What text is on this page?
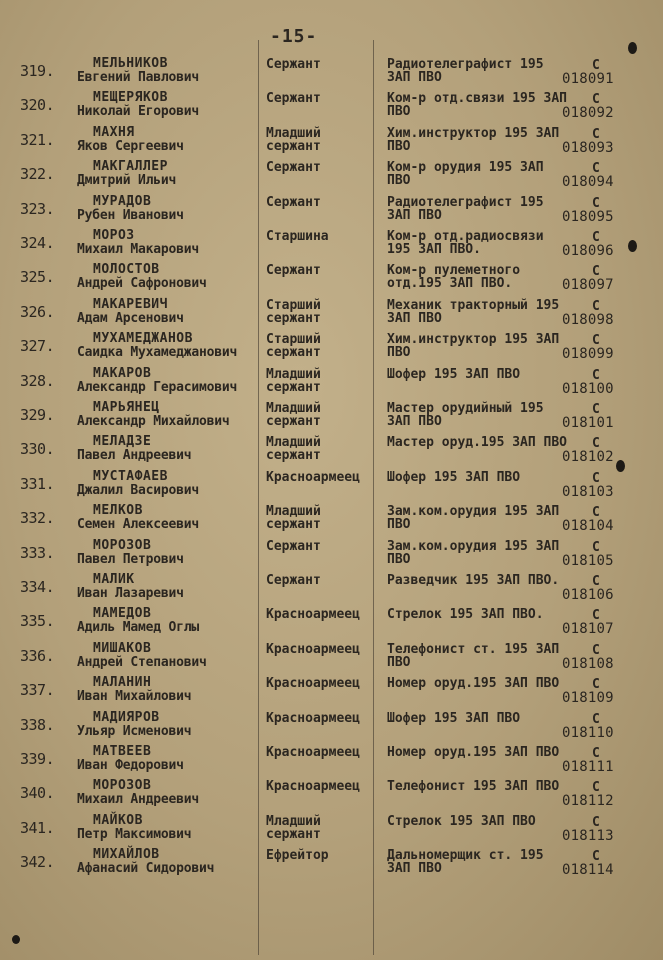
-15-
319.	МЕЛЬНИКОВ
Евгений Павлович
Сержант	Радиотелеграфист 195 ЗАП ПВО
С
018091
320.	МЕЩЕРЯКОВ
Николай Егорович
Сержант	Ком-р отд.связи 195 ЗАП ПВО
С
018092
321.	МАХНЯ
Яков Сергеевич
Младший сержант
Хим.инструктор 195 ЗАП ПВО
С
018093
322.	МАКГАЛЛЕР
Дмитрий Ильич
Сержант	Ком-р орудия 195 ЗАП ПВО
С
018094
323.	МУРАДОВ
Рубен Иванович
Сержант	Радиотелеграфист 195 ЗАП ПВО
С
018095
324.	МОРОЗ
Михаил Макарович
Старшина	Ком-р отд.радиосвязи 195 ЗАП ПВО.
С
018096
325.	МОЛОСТОВ
Андрей Сафронович
Сержант	Ком-р пулеметного отд.195 ЗАП ПВО.
С
018097
326.	МАКАРЕВИЧ
Адам Арсенович
Старший сержант
Механик тракторный 195 ЗАП ПВО
С
018098
327.	МУХАМЕДЖАНОВ
Саидка Мухамеджанович
Старший сержант
Хим.инструктор 195 ЗАП ПВО
С
018099
328.	МАКАРОВ
Александр Герасимович
Младший сержант
Шофер 195 ЗАП ПВО	С
018100
329.	МАРЬЯНЕЦ
Александр Михайлович
Младший сержант
Мастер орудийный 195 ЗАП ПВО
С
018101
330.	МЕЛАДЗЕ
Павел Андреевич
Младший сержант
Мастер оруд.195 ЗАП ПВО С
018102
331.	МУСТАФАЕВ
Джалил Васирович
Красноармеец	Шофер 195 ЗАП ПВО	С
018103
332.	МЕЛКОВ
Семен Алексеевич
Младший сержант
Зам.ком.орудия 195 ЗАП ПВО
С
018104
333.	МОРОЗОВ
Павел Петрович
Сержант	Зам.ком.орудия 195 ЗАП ПВО
С
018105
334.	МАЛИК
Иван Лазаревич
Сержант	Разведчик 195 ЗАП ПВО.	С
018106
335.	МАМЕДОВ
Адиль Мамед Оглы
Красноармеец	Стрелок 195 ЗАП ПВО.	С
018107
336.	МИШАКОВ
Андрей Степанович
Красноармеец	Телефонист ст. 195 ЗАП ПВО
С
018108
337.	МАЛАНИН
Иван Михайлович
Красноармеец	Номер оруд.195 ЗАП ПВО	С
018109
338.	МАДИЯРОВ
Ульяр Исменович
Красноармеец	Шофер 195 ЗАП ПВО	С
018110
339.	МАТВЕЕВ
Иван Федорович
Красноармеец	Номер оруд.195 ЗАП ПВО	С
018111
340.	МОРОЗОВ
Михаил Андреевич
Красноармеец	Телефонист 195 ЗАП ПВО	С
018112
341.	МАЙКОВ
Петр Максимович
Младший сержант
Стрелок 195 ЗАП ПВО	С
018113
342.	МИХАЙЛОВ
Афанасий Сидорович
Ефрейтор	Дальномерщик ст. 195 ЗАП ПВО
С
018114
